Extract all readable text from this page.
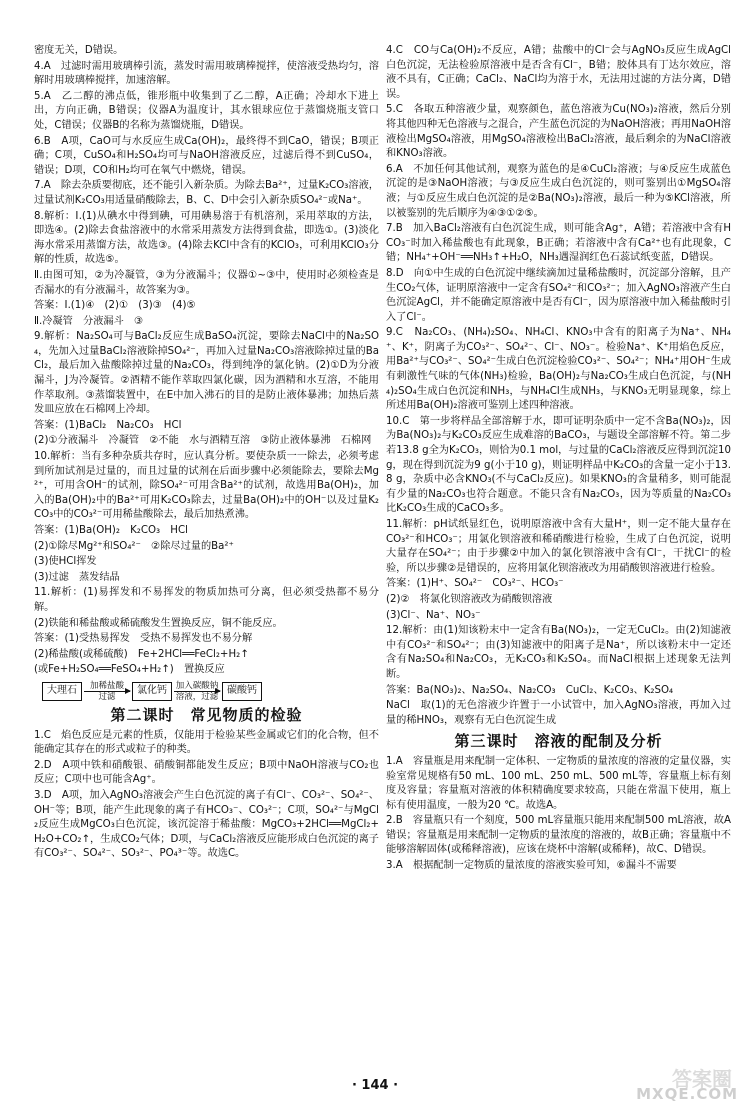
密度无关，D错误。

4.A　过滤时需用玻璃棒引流，蒸发时需用玻璃棒搅拌，使溶液受热均匀，溶解时用玻璃棒搅拌，加速溶解。

5.A　乙二醇的沸点低，锥形瓶中收集到了乙二醇，A正确；冷却水下进上出，方向正确，B错误；仪器A为温度计，其水银球应位于蒸馏烧瓶支管口处，C错误；仪器B的名称为蒸馏烧瓶，D错误。

6.B　A项，CaO可与水反应生成Ca(OH)₂，最终得不到CaO，错误；B项正确；C项，CuSO₄和H₂SO₄均可与NaOH溶液反应，过滤后得不到CuSO₄，错误；D项，CO和H₂均可在氧气中燃烧，错误。

7.A　除去杂质要彻底，还不能引入新杂质。为除去Ba²⁺，过量K₂CO₃溶液，过量试剂K₂CO₃用适量硝酸除去，B、C、D中会引入新杂质SO₄²⁻或Na⁺。

8.解析：Ⅰ.(1)从碘水中得到碘，可用碘易溶于有机溶剂，采用萃取的方法，即选④。(2)除去食盐溶液中的水常采用蒸发方法得到食盐，即选①。(3)淡化海水常采用蒸馏方法，故选③。(4)除去KCl中含有的KClO₃，可利用KClO₃分解的性质，故选⑤。

Ⅱ.由图可知，②为冷凝管，③为分液漏斗；仪器①~③中，使用时必须检查是否漏水的有分液漏斗，故答案为③。

答案：Ⅰ.(1)④　(2)①　(3)③　(4)⑤

Ⅱ.冷凝管　分液漏斗　③

9.解析：Na₂SO₄可与BaCl₂反应生成BaSO₄沉淀，要除去NaCl中的Na₂SO₄，先加入过量BaCl₂溶液除掉SO₄²⁻，再加入过量Na₂CO₃溶液除掉过量的BaCl₂，最后加入盐酸除掉过量的Na₂CO₃，得到纯净的氯化钠。(2)①D为分液漏斗，J为冷凝管。②酒精不能作萃取四氯化碳，因为酒精和水互溶，不能用作萃取剂。③蒸馏装置中，在E中加入沸石的目的是防止液体暴沸；加热后蒸发皿应放在石棉网上冷却。

答案：(1)BaCl₂　Na₂CO₃　HCl

(2)①分液漏斗　冷凝管　②不能　水与酒精互溶　③防止液体暴沸　石棉网

10.解析：当有多种杂质共存时，应认真分析。要使杂质一一除去，必须考虑到所加试剂是过量的，而且过量的试剂在后面步骤中必须能除去，要除去Mg²⁺，可用含OH⁻的试剂，除SO₄²⁻可用含Ba²⁺的试剂，故选用Ba(OH)₂，加入的Ba(OH)₂中的Ba²⁺可用K₂CO₃除去，过量Ba(OH)₂中的OH⁻以及过量K₂CO₃中的CO₃²⁻可用稀盐酸除去，最后加热煮沸。

答案：(1)Ba(OH)₂　K₂CO₃　HCl

(2)①除尽Mg²⁺和SO₄²⁻　②除尽过量的Ba²⁺

(3)使HCl挥发

(3)过滤　蒸发结晶

11.解析：(1)易挥发和不易挥发的物质加热可分离，但必须受热都不易分解。

(2)铁能和稀盐酸或稀硫酸发生置换反应，铜不能反应。

答案：(1)受热易挥发　受热不易挥发也不易分解

(2)稀盐酸(或稀硫酸)　Fe+2HCl══FeCl₂+H₂↑

(或Fe+H₂SO₄══FeSO₄+H₂↑)　置换反应

大理石	加稀盐酸
过滤
氯化钙	加入碳酸钠
溶液，过滤
碳酸钙
第二课时　常见物质的检验

1.C　焰色反应是元素的性质，仅能用于检验某些金属或它们的化合物，但不能确定其存在的形式或粒子的种类。

2.D　A项中铁和硝酸银、硝酸铜都能发生反应；B项中NaOH溶液与CO₂也反应；C项中也可能含Ag⁺。

3.D　A项，加入AgNO₃溶液会产生白色沉淀的离子有Cl⁻、CO₃²⁻、SO₄²⁻、OH⁻等；B项，能产生此现象的离子有HCO₃⁻、CO₃²⁻；C项，SO₄²⁻与MgCl₂反应生成MgCO₃白色沉淀，该沉淀溶于稀盐酸：MgCO₃+2HCl══MgCl₂+H₂O+CO₂↑，生成CO₂气体；D项，与CaCl₂溶液反应能形成白色沉淀的离子有CO₃²⁻、SO₄²⁻、SO₃²⁻、PO₄³⁻等。故选C。

4.C　CO与Ca(OH)₂不反应，A错；盐酸中的Cl⁻会与AgNO₃反应生成AgCl白色沉淀，无法检验原溶液中是否含有Cl⁻，B错；胶体具有丁达尔效应，溶液不具有，C正确；CaCl₂、NaCl均为溶于水，无法用过滤的方法分离，D错误。

5.C　各取五种溶液少量，观察颜色，蓝色溶液为Cu(NO₃)₂溶液，然后分别将其他四种无色溶液与之混合，产生蓝色沉淀的为NaOH溶液；再用NaOH溶液检出MgSO₄溶液，用MgSO₄溶液检出BaCl₂溶液，最后剩余的为NaCl溶液和KNO₃溶液。

6.A　不加任何其他试剂，观察为蓝色的是④CuCl₂溶液；与④反应生成蓝色沉淀的是③NaOH溶液；与③反应生成白色沉淀的，则可鉴别出①MgSO₄溶液；与①反应生成白色沉淀的是②Ba(NO₃)₂溶液，最后一种为⑤KCl溶液，所以被鉴别的先后顺序为④③①②⑤。

7.B　加入BaCl₂溶液有白色沉淀生成，则可能含Ag⁺，A错；若溶液中含有HCO₃⁻时加入稀盐酸也有此现象，B正确；若溶液中含有Ca²⁺也有此现象，C错；NH₄⁺+OH⁻══NH₃↑+H₂O，NH₃遇湿润红色石蕊试纸变蓝，D错误。

8.D　向①中生成的白色沉淀中继续滴加过量稀盐酸时，沉淀部分溶解，且产生CO₂气体，证明原溶液中一定含有SO₄²⁻和CO₃²⁻；加入AgNO₃溶液产生白色沉淀AgCl，并不能确定原溶液中是否有Cl⁻，因为原溶液中加入稀盐酸时引入了Cl⁻。

9.C　Na₂CO₃、(NH₄)₂SO₄、NH₄Cl、KNO₃中含有的阳离子为Na⁺、NH₄⁺、K⁺，阴离子为CO₃²⁻、SO₄²⁻、Cl⁻、NO₃⁻。检验Na⁺、K⁺用焰色反应，用Ba²⁺与CO₃²⁻、SO₄²⁻生成白色沉淀检验CO₃²⁻、SO₄²⁻；NH₄⁺用OH⁻生成有刺激性气味的气体(NH₃)检验，Ba(OH)₂与Na₂CO₃生成白色沉淀，与(NH₄)₂SO₄生成白色沉淀和NH₃，与NH₄Cl生成NH₃，与KNO₃无明显现象，综上所述用Ba(OH)₂溶液可鉴别上述四种溶液。

10.C　第一步将样品全部溶解于水，即可证明杂质中一定不含Ba(NO₃)₂，因为Ba(NO₃)₂与K₂CO₃反应生成难溶的BaCO₃，与题设全部溶解不符。第二步若13.8 g全为K₂CO₃，则恰为0.1 mol，与过量的CaCl₂溶液反应得到沉淀10 g，现在得到沉淀为9 g(小于10 g)，则证明样品中K₂CO₃的含量一定小于13.8 g，杂质中必含KNO₃(不与CaCl₂反应)。如果KNO₃的含量稍多，则可能混有少量的Na₂CO₃也符合题意。不能只含有Na₂CO₃，因为等质量的Na₂CO₃比K₂CO₃生成的CaCO₃多。

11.解析：pH试纸显红色，说明原溶液中含有大量H⁺，则一定不能大量存在CO₃²⁻和HCO₃⁻；用氯化钡溶液和稀硝酸进行检验，生成了白色沉淀，说明大量存在SO₄²⁻；由于步骤②中加入的氯化钡溶液中含有Cl⁻，干扰Cl⁻的检验，所以步骤②是错误的，应将用氯化钡溶液改为用硝酸钡溶液进行检验。

答案：(1)H⁺、SO₄²⁻　CO₃²⁻、HCO₃⁻

(2)②　将氯化钡溶液改为硝酸钡溶液

(3)Cl⁻、Na⁺、NO₃⁻

12.解析：由(1)知该粉末中一定含有Ba(NO₃)₂，一定无CuCl₂。由(2)知滤液中有CO₃²⁻和SO₄²⁻；由(3)知滤液中的阳离子是Na⁺，所以该粉末中一定还含有Na₂SO₄和Na₂CO₃，无K₂CO₃和K₂SO₄。而NaCl根据上述现象无法判断。

答案：Ba(NO₃)₂、Na₂SO₄、Na₂CO₃　CuCl₂、K₂CO₃、K₂SO₄

NaCl　取(1)的无色溶液少许置于一小试管中，加入AgNO₃溶液，再加入过量的稀HNO₃，观察有无白色沉淀生成

第三课时　溶液的配制及分析

1.A　容量瓶是用来配制一定体积、一定物质的量浓度的溶液的定量仪器，实验室常见规格有50 mL、100 mL、250 mL、500 mL等，容量瓶上标有刻度及容量；容量瓶对溶液的体积精确度要求较高，只能在常温下使用，瓶上标有使用温度，一般为20 ℃。故选A。

2.B　容量瓶只有一个刻度，500 mL容量瓶只能用来配制500 mL溶液，故A错误；容量瓶是用来配制一定物质的量浓度的溶液的，故B正确；容量瓶中不能够溶解固体(或稀释溶液)，应该在烧杯中溶解(或稀释)，故C、D错误。

3.A　根据配制一定物质的量浓度的溶液实验可知，⑥漏斗不需要

· 144 ·	答案圈
MXQE.COM
